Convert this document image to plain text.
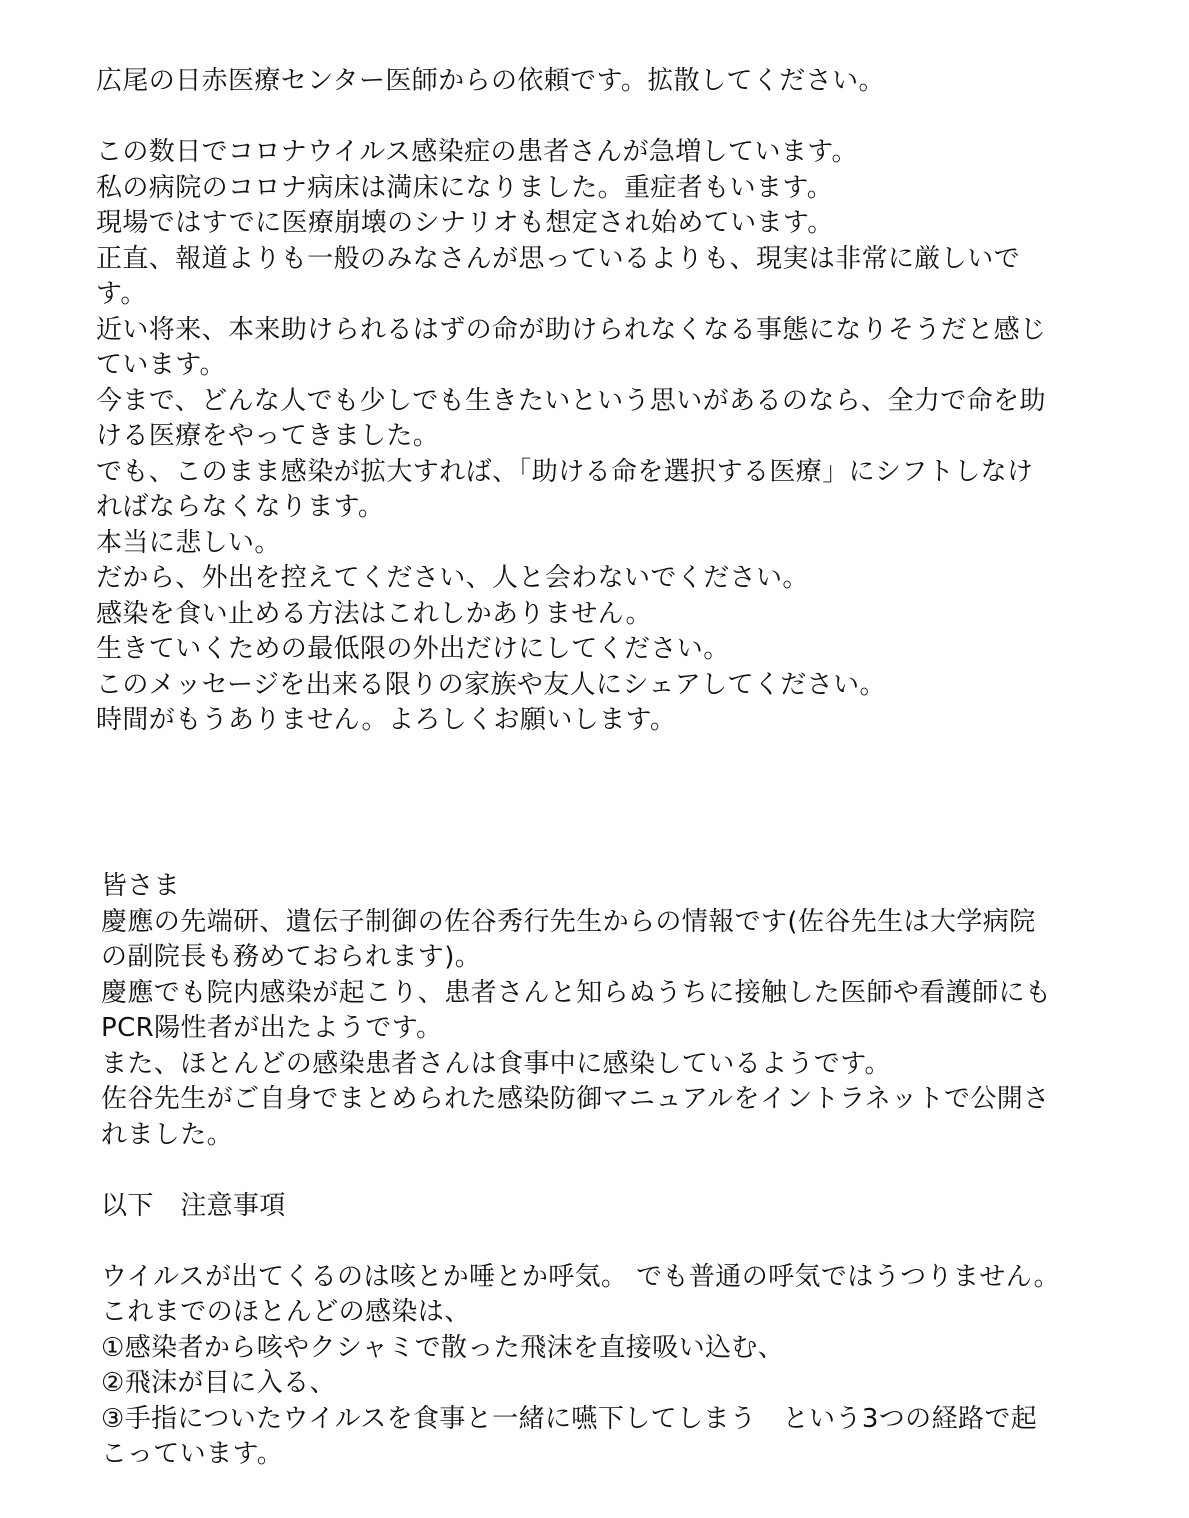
広尾の日赤医療センター医師からの依頼です。拡散してください。
この数日でコロナウイルス感染症の患者さんが急増しています。
私の病院のコロナ病床は満床になりました。重症者もいます。
現場ではすでに医療崩壊のシナリオも想定され始めています。
正直、報道よりも一般のみなさんが思っているよりも、現実は非常に厳しいで
す。
近い将来、本来助けられるはずの命が助けられなくなる事態になりそうだと感じ
ています。
今まで、どんな人でも少しでも生きたいという思いがあるのなら、全力で命を助
ける医療をやってきました。
でも、このまま感染が拡大すれば、「助ける命を選択する医療」にシフトしなけ
ればならなくなります。
本当に悲しい。
だから、外出を控えてください、人と会わないでください。
感染を食い止める方法はこれしかありません。
生きていくための最低限の外出だけにしてください。
このメッセージを出来る限りの家族や友人にシェアしてください。
時間がもうありません。よろしくお願いします。
皆さま
慶應の先端研、遺伝子制御の佐谷秀行先生からの情報です(佐谷先生は大学病院
の副院長も務めておられます)。
慶應でも院内感染が起こり、患者さんと知らぬうちに接触した医師や看護師にも
PCR陽性者が出たようです。
また、ほとんどの感染患者さんは食事中に感染しているようです。
佐谷先生がご自身でまとめられた感染防御マニュアルをイントラネットで公開さ
れました。
以下　注意事項
ウイルスが出てくるのは咳とか唾とか呼気。 でも普通の呼気ではうつりません。
これまでのほとんどの感染は、
①感染者から咳やクシャミで散った飛沫を直接吸い込む、
②飛沫が目に入る、
③手指についたウイルスを食事と一緒に嚥下してしまう　という3つの経路で起
こっています。
